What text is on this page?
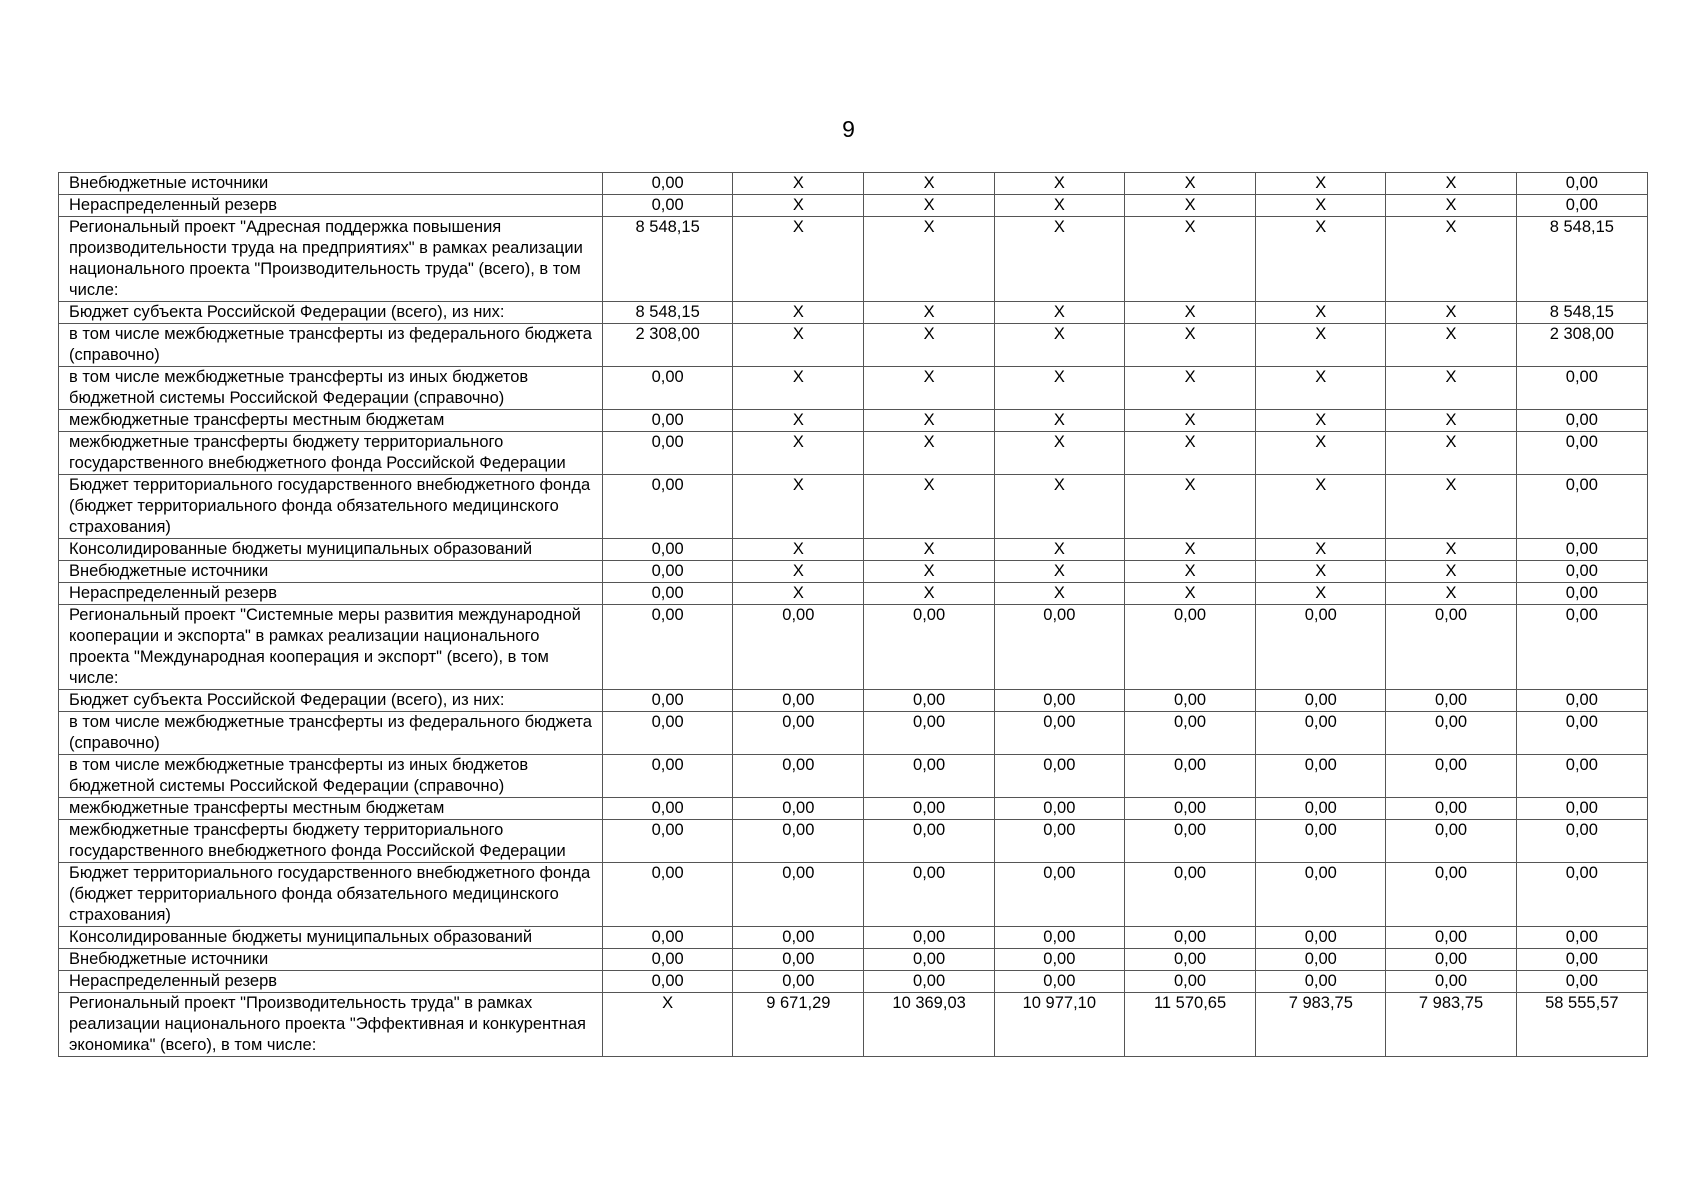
9
Внебюджетные источники	0,00	Х	Х	Х	Х	Х	Х	0,00
Нераспределенный резерв	0,00	Х	Х	Х	Х	Х	Х	0,00
Региональный проект "Адресная поддержка повышения производительности труда на предприятиях" в рамках реализации национального проекта "Производительность труда" (всего), в том числе:	8 548,15	Х	Х	Х	Х	Х	Х	8 548,15
Бюджет субъекта Российской Федерации (всего), из них:	8 548,15	Х	Х	Х	Х	Х	Х	8 548,15
в том числе межбюджетные трансферты из федерального бюджета (справочно)	2 308,00	Х	Х	Х	Х	Х	Х	2 308,00
в том числе межбюджетные трансферты из иных бюджетов бюджетной системы Российской Федерации (справочно)	0,00	Х	Х	Х	Х	Х	Х	0,00
межбюджетные трансферты местным бюджетам	0,00	Х	Х	Х	Х	Х	Х	0,00
межбюджетные трансферты бюджету территориального государственного внебюджетного фонда Российской Федерации	0,00	Х	Х	Х	Х	Х	Х	0,00
Бюджет территориального государственного внебюджетного фонда (бюджет территориального фонда обязательного медицинского страхования)	0,00	Х	Х	Х	Х	Х	Х	0,00
Консолидированные бюджеты муниципальных образований	0,00	Х	Х	Х	Х	Х	Х	0,00
Внебюджетные источники	0,00	Х	Х	Х	Х	Х	Х	0,00
Нераспределенный резерв	0,00	Х	Х	Х	Х	Х	Х	0,00
Региональный проект "Системные меры развития международной кооперации и экспорта" в рамках реализации национального проекта "Международная кооперация и экспорт" (всего), в том числе:	0,00	0,00	0,00	0,00	0,00	0,00	0,00	0,00
Бюджет субъекта Российской Федерации (всего), из них:	0,00	0,00	0,00	0,00	0,00	0,00	0,00	0,00
в том числе межбюджетные трансферты из федерального бюджета (справочно)	0,00	0,00	0,00	0,00	0,00	0,00	0,00	0,00
в том числе межбюджетные трансферты из иных бюджетов бюджетной системы Российской Федерации (справочно)	0,00	0,00	0,00	0,00	0,00	0,00	0,00	0,00
межбюджетные трансферты местным бюджетам	0,00	0,00	0,00	0,00	0,00	0,00	0,00	0,00
межбюджетные трансферты бюджету территориального государственного внебюджетного фонда Российской Федерации	0,00	0,00	0,00	0,00	0,00	0,00	0,00	0,00
Бюджет территориального государственного внебюджетного фонда (бюджет территориального фонда обязательного медицинского страхования)	0,00	0,00	0,00	0,00	0,00	0,00	0,00	0,00
Консолидированные бюджеты муниципальных образований	0,00	0,00	0,00	0,00	0,00	0,00	0,00	0,00
Внебюджетные источники	0,00	0,00	0,00	0,00	0,00	0,00	0,00	0,00
Нераспределенный резерв	0,00	0,00	0,00	0,00	0,00	0,00	0,00	0,00
Региональный проект "Производительность труда" в рамках реализации национального проекта "Эффективная и конкурентная экономика" (всего), в том числе:	Х	9 671,29	10 369,03	10 977,10	11 570,65	7 983,75	7 983,75	58 555,57
